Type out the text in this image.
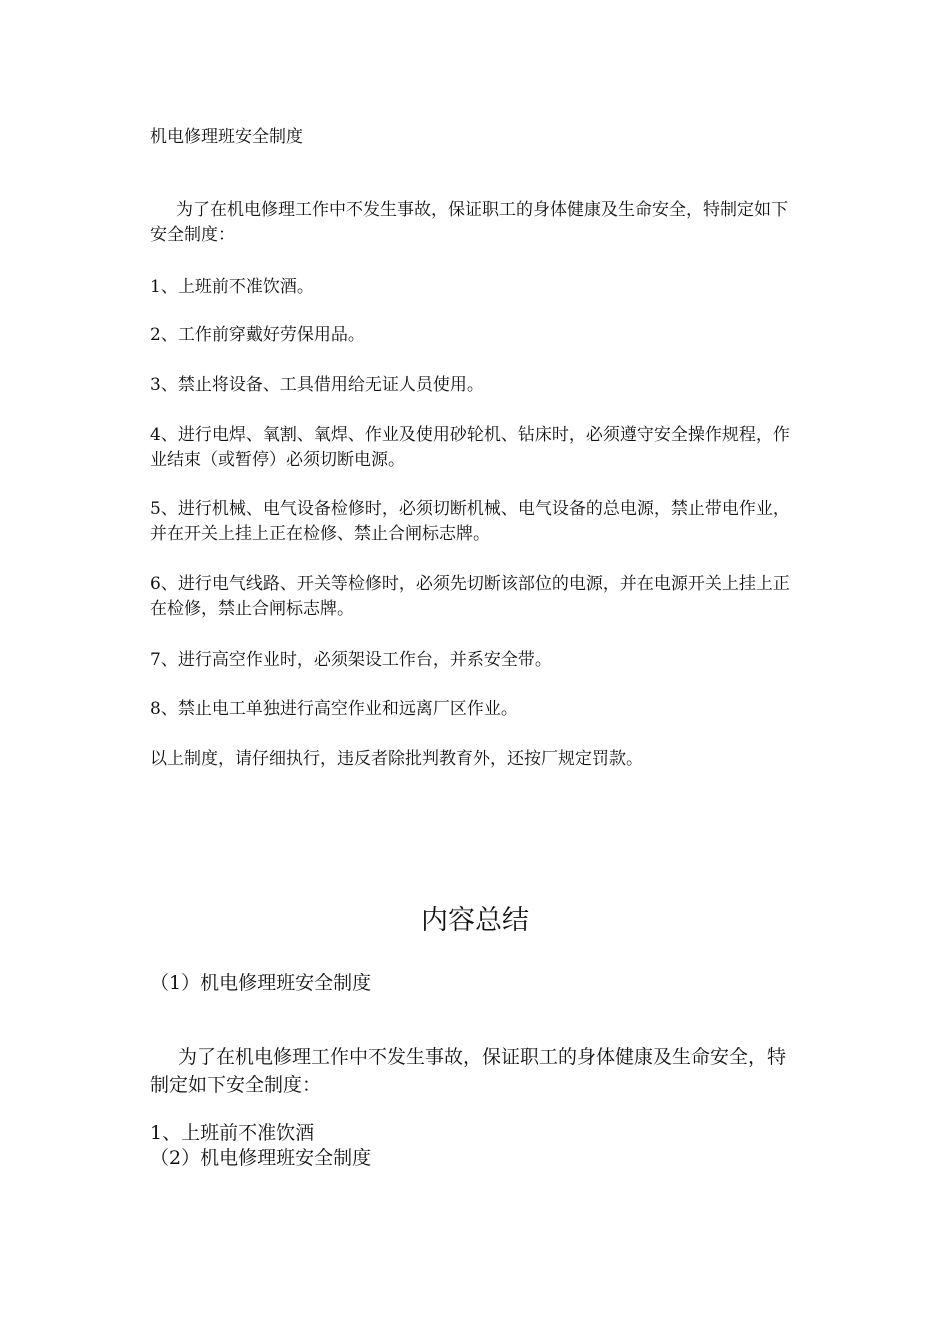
机电修理班安全制度

为了在机电修理工作中不发生事故，保证职工的身体健康及生命安全，特制定如下安全制度：

1、上班前不准饮酒。

2、工作前穿戴好劳保用品。

3、禁止将设备、工具借用给无证人员使用。

4、进行电焊、氧割、氧焊、作业及使用砂轮机、钻床时，必须遵守安全操作规程，作业结束（或暂停）必须切断电源。

5、进行机械、电气设备检修时，必须切断机械、电气设备的总电源，禁止带电作业，并在开关上挂上正在检修、禁止合闸标志牌。

6、进行电气线路、开关等检修时，必须先切断该部位的电源，并在电源开关上挂上正在检修，禁止合闸标志牌。

7、进行高空作业时，必须架设工作台，并系安全带。

8、禁止电工单独进行高空作业和远离厂区作业。

以上制度，请仔细执行，违反者除批判教育外，还按厂规定罚款。

内容总结

（1）机电修理班安全制度

为了在机电修理工作中不发生事故，保证职工的身体健康及生命安全，特制定如下安全制度：

1、上班前不准饮酒

（2）机电修理班安全制度
